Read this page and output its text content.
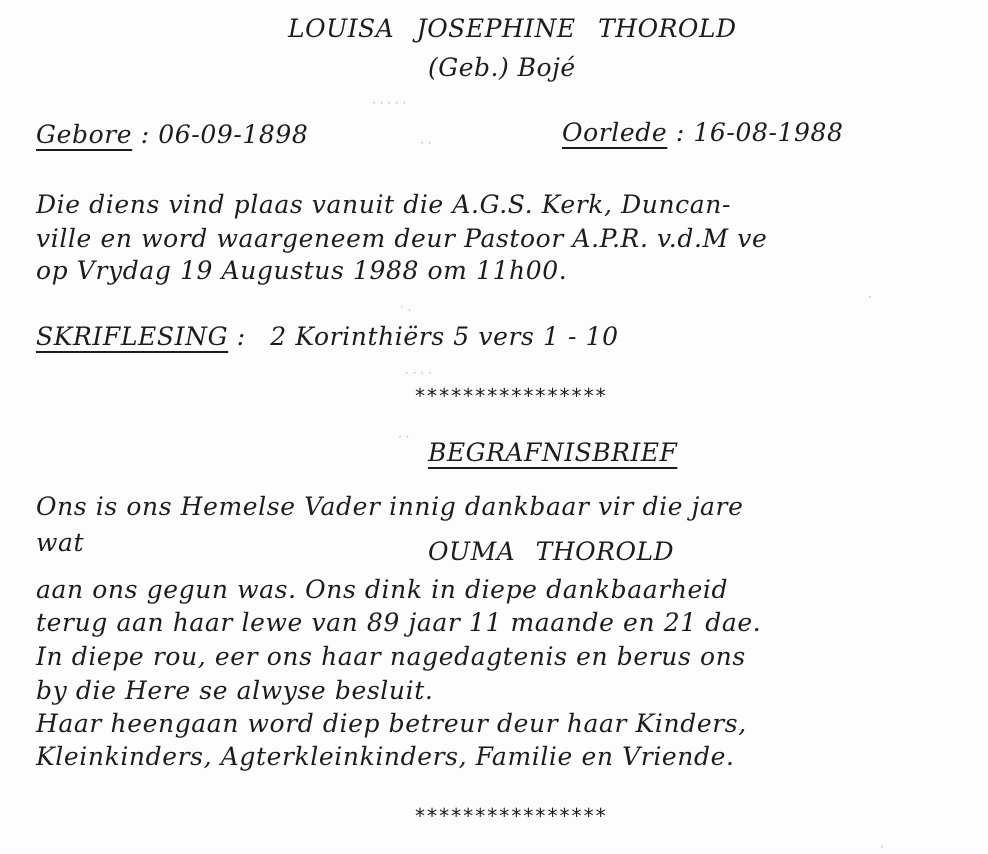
· · · · ·
· ·
· .
· · · ·
· ·
·
·
LOUISA JOSEPHINE THOROLD
(Geb.) Bojé
Gebore : 06-09-1898	Oorlede : 16-08-1988
Die diens vind plaas vanuit die A.G.S. Kerk, Duncan-
ville en word waargeneem deur Pastoor A.P.R. v.d.M ve
op Vrydag 19 Augustus 1988 om 11h00.
SKRIFLESING : 2 Korinthiërs 5 vers 1 - 10
****************
BEGRAFNISBRIEF
Ons is ons Hemelse Vader innig dankbaar vir die jare
wat	OUMA THOROLD
aan ons gegun was. Ons dink in diepe dankbaarheid
terug aan haar lewe van 89 jaar 11 maande en 21 dae.
In diepe rou, eer ons haar nagedagtenis en berus ons
by die Here se alwyse besluit.
Haar heengaan word diep betreur deur haar Kinders,
Kleinkinders, Agterkleinkinders, Familie en Vriende.
****************
